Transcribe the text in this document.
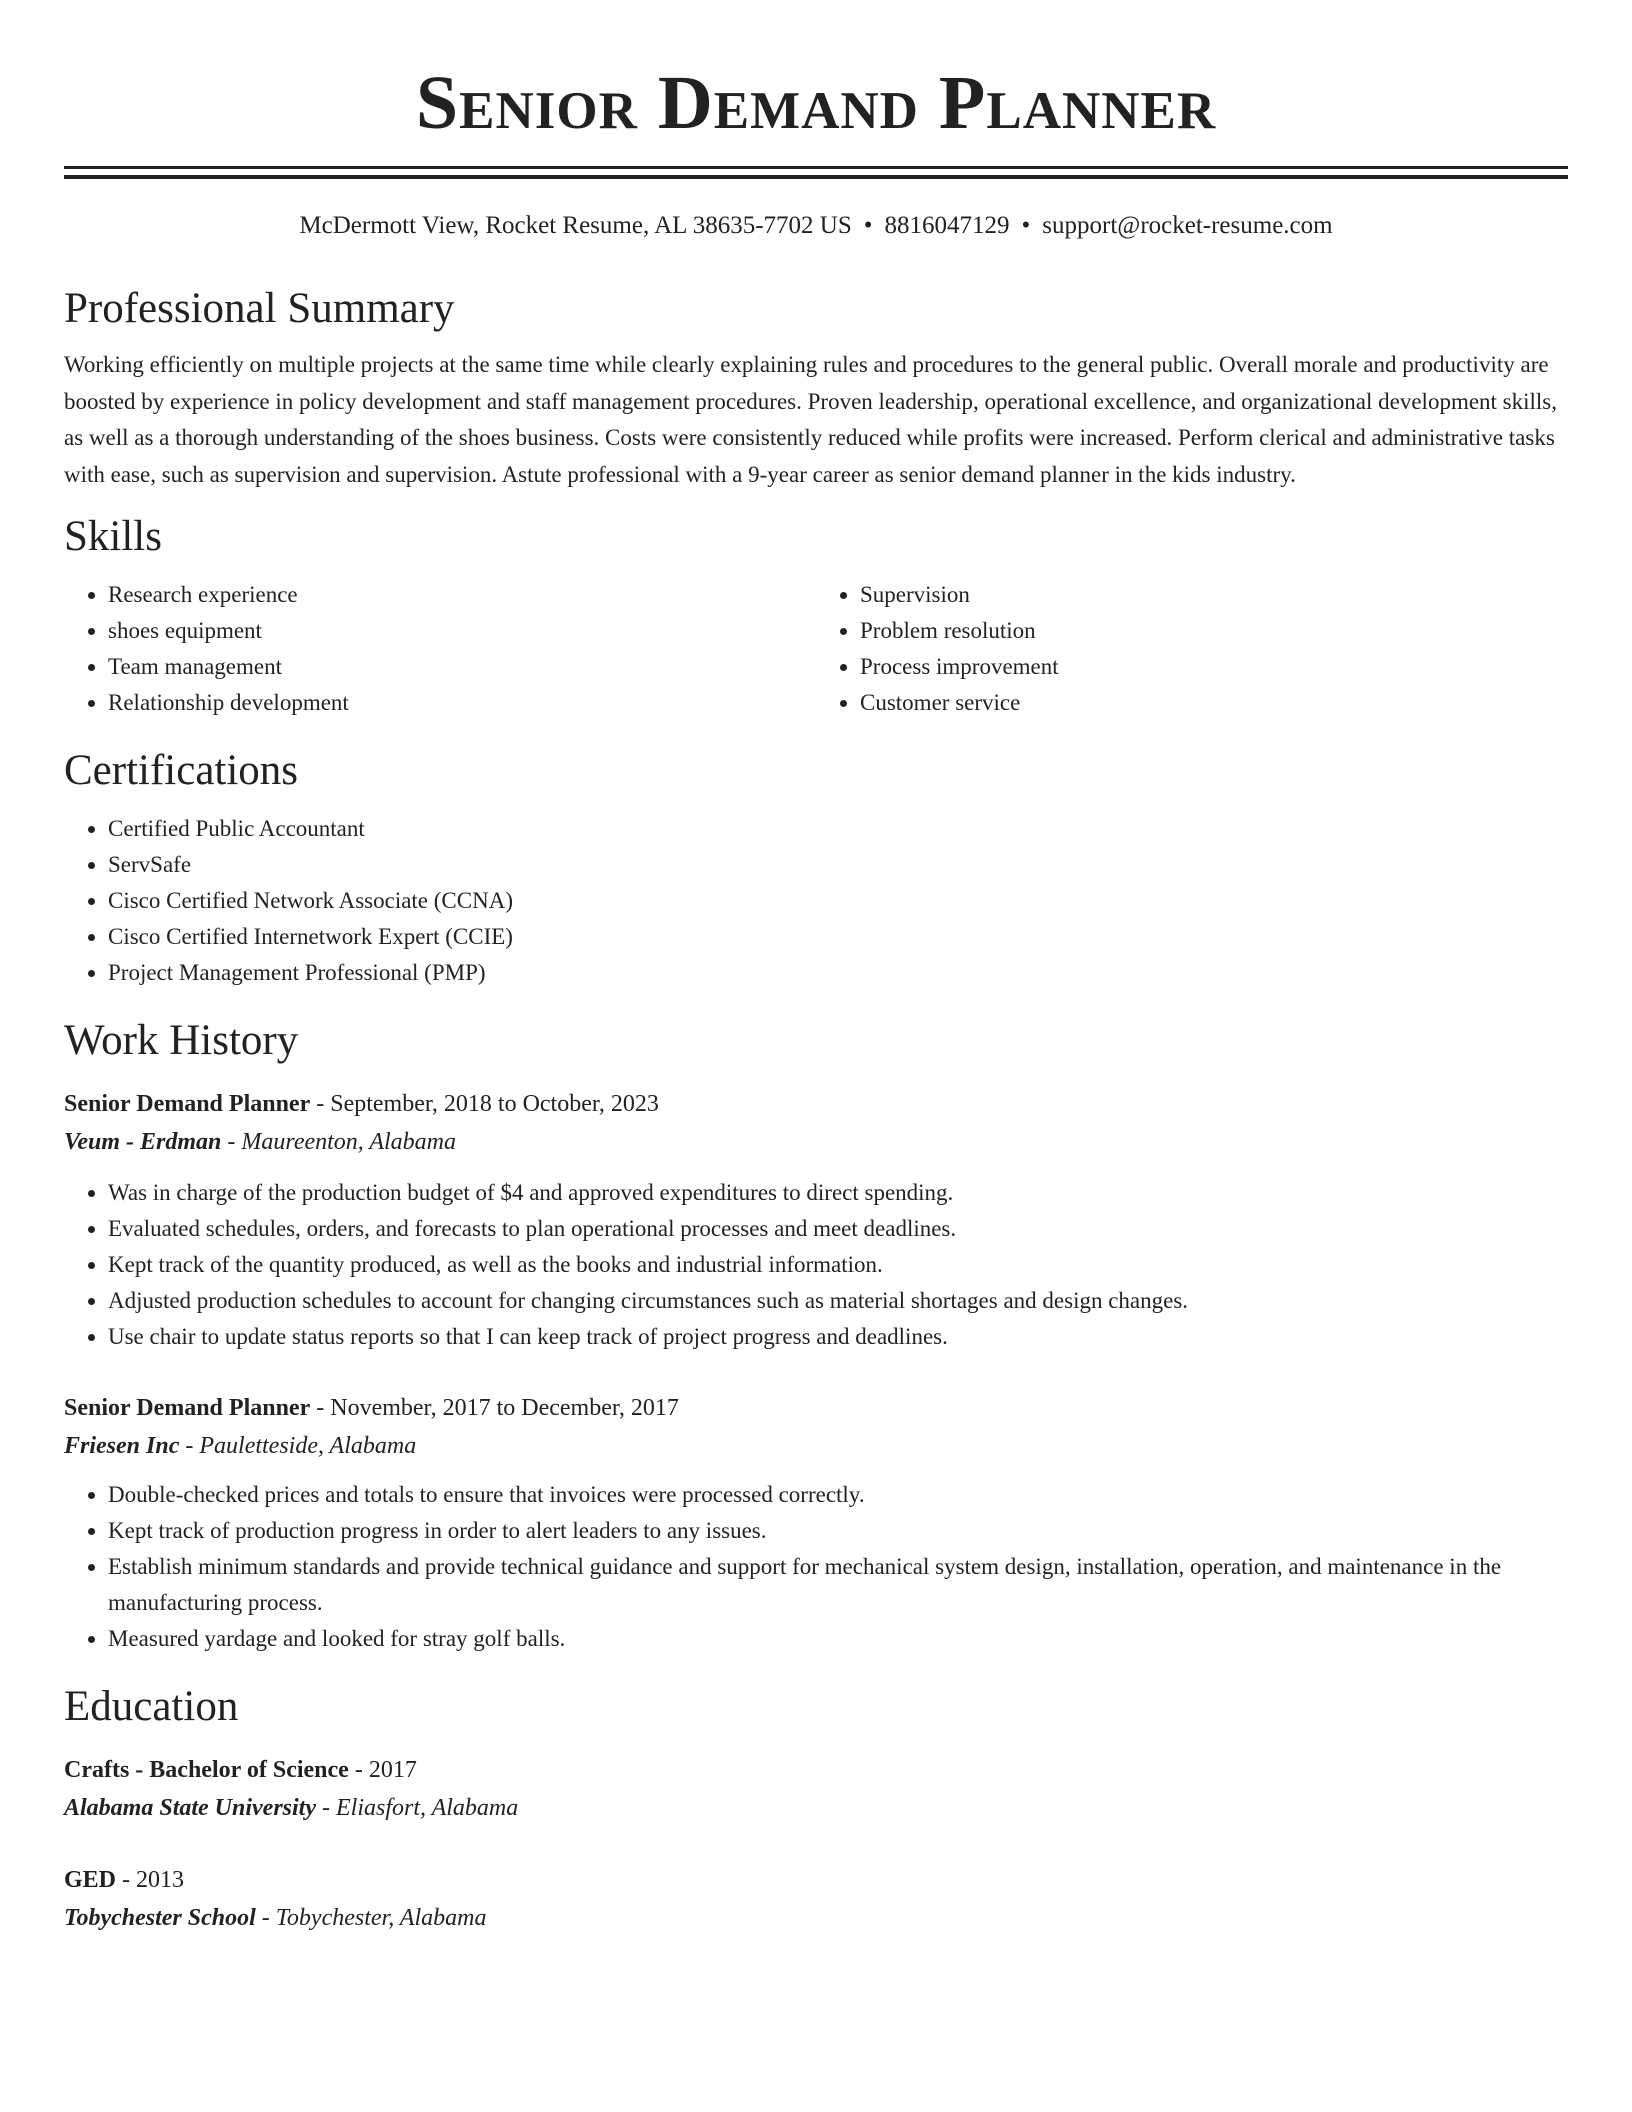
Senior Demand Planner
McDermott View, Rocket Resume, AL 38635-7702 US • 8816047129 • support@rocket-resume.com
Professional Summary

Working efficiently on multiple projects at the same time while clearly explaining rules and procedures to the general public. Overall morale and productivity are boosted by experience in policy development and staff management procedures. Proven leadership, operational excellence, and organizational development skills, as well as a thorough understanding of the shoes business. Costs were consistently reduced while profits were increased. Perform clerical and administrative tasks with ease, such as supervision and supervision. Astute professional with a 9-year career as senior demand planner in the kids industry.

Skills
• Research experience
• shoes equipment
• Team management
• Relationship development
• Supervision
• Problem resolution
• Process improvement
• Customer service
Certifications
• Certified Public Accountant
• ServSafe
• Cisco Certified Network Associate (CCNA)
• Cisco Certified Internetwork Expert (CCIE)
• Project Management Professional (PMP)
Work History
Senior Demand Planner - September, 2018 to October, 2023
Veum - Erdman - Maureenton, Alabama
• Was in charge of the production budget of $4 and approved expenditures to direct spending.
• Evaluated schedules, orders, and forecasts to plan operational processes and meet deadlines.
• Kept track of the quantity produced, as well as the books and industrial information.
• Adjusted production schedules to account for changing circumstances such as material shortages and design changes.
• Use chair to update status reports so that I can keep track of project progress and deadlines.
Senior Demand Planner - November, 2017 to December, 2017
Friesen Inc - Pauletteside, Alabama
• Double-checked prices and totals to ensure that invoices were processed correctly.
• Kept track of production progress in order to alert leaders to any issues.
• Establish minimum standards and provide technical guidance and support for mechanical system design, installation, operation, and maintenance in the manufacturing process.
• Measured yardage and looked for stray golf balls.
Education
Crafts - Bachelor of Science - 2017
Alabama State University - Eliasfort, Alabama
GED - 2013
Tobychester School - Tobychester, Alabama
